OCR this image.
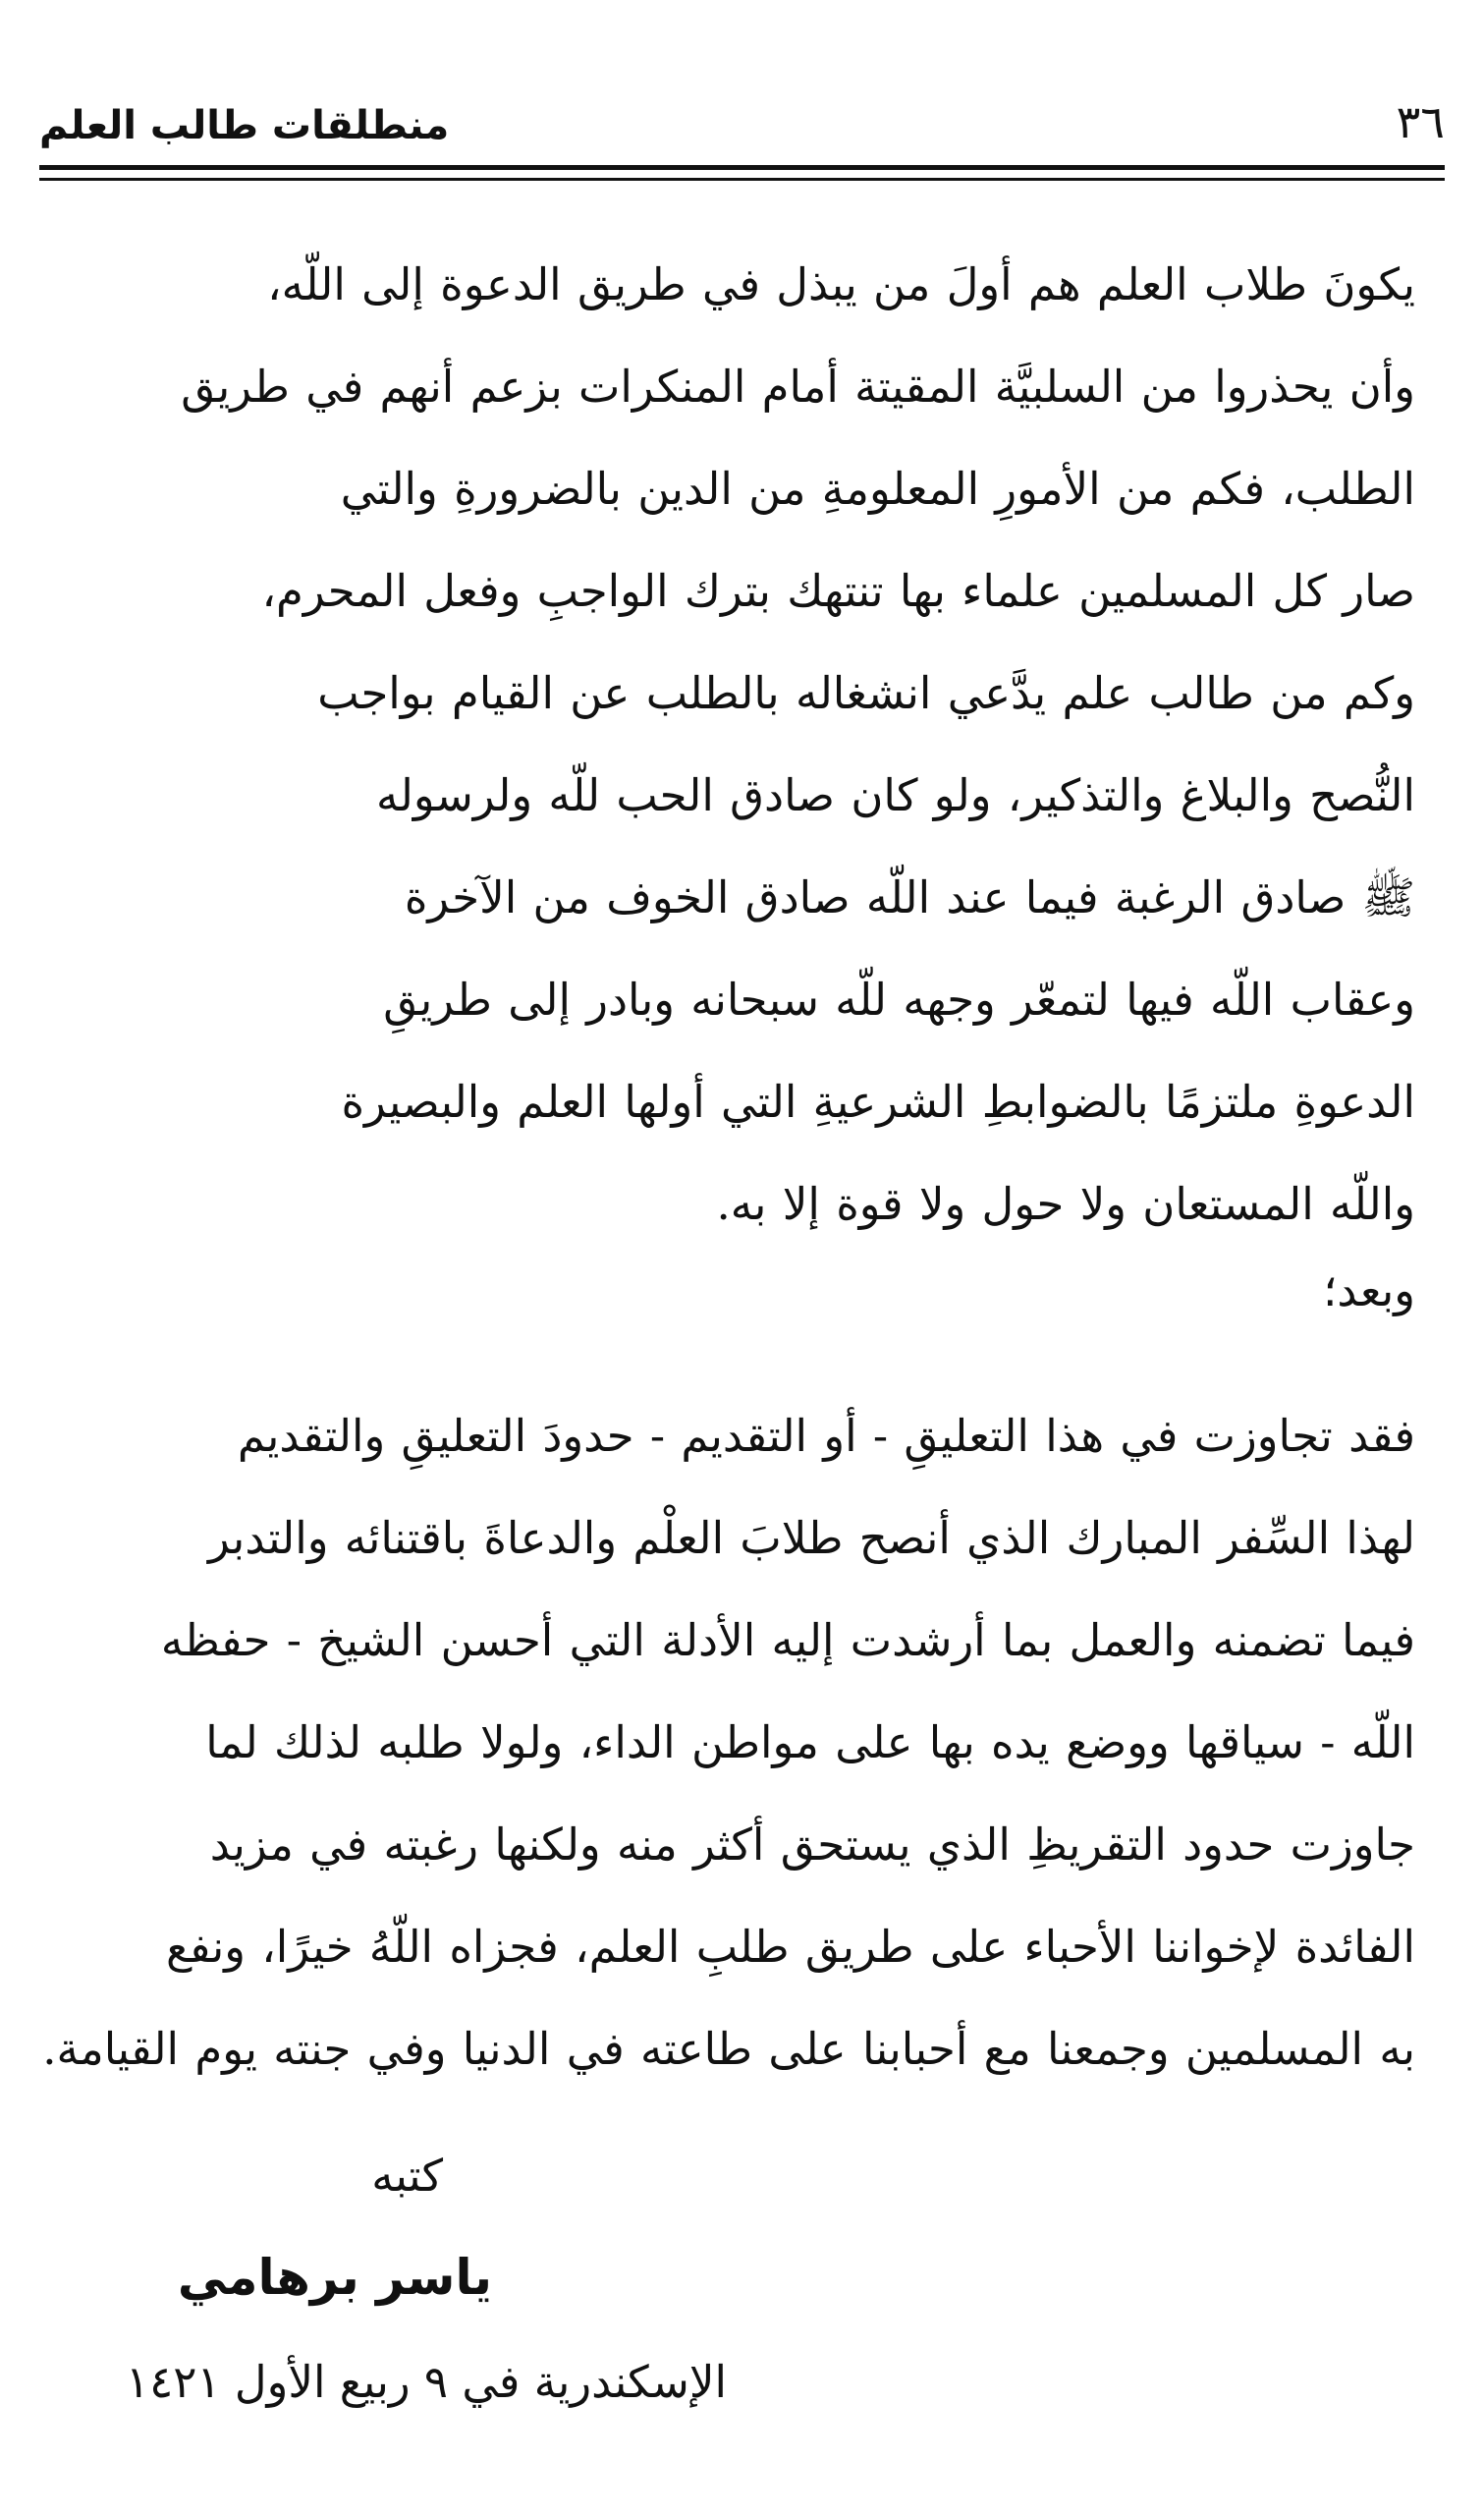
منطلقات طالب العلم	٣٦
يكونَ طلاب العلم هم أولَ من يبذل في طريق الدعوة إلى اللّه،
وأن يحذروا من السلبيَّة المقيتة أمام المنكرات بزعم أنهم في طريق
الطلب، فكم من الأمورِ المعلومةِ من الدين بالضرورةِ والتي
صار كل المسلمين علماء بها تنتهك بترك الواجبِ وفعل المحرم،
وكم من طالب علم يدَّعي انشغاله بالطلب عن القيام بواجب
النُّصح والبلاغ والتذكير، ولو كان صادق الحب للّه ولرسوله
ﷺ صادق الرغبة فيما عند اللّه صادق الخوف من الآخرة
وعقاب اللّه فيها لتمعّر وجهه للّه سبحانه وبادر إلى طريقِ
الدعوةِ ملتزمًا بالضوابطِ الشرعيةِ التي أولها العلم والبصيرة
واللّه المستعان ولا حول ولا قوة إلا به.
وبعد؛
فقد تجاوزت في هذا التعليقِ - أو التقديم - حدودَ التعليقِ والتقديم
لهذا السِّفر المبارك الذي أنصح طلابَ العلْم والدعاةَ باقتنائه والتدبر
فيما تضمنه والعمل بما أرشدت إليه الأدلة التي أحسن الشيخ - حفظه
اللّه - سياقها ووضع يده بها على مواطن الداء، ولولا طلبه لذلك لما
جاوزت حدود التقريظِ الذي يستحق أكثر منه ولكنها رغبته في مزيد
الفائدة لإخواننا الأحباء على طريق طلبِ العلم، فجزاه اللّهُ خيرًا، ونفع
به المسلمين وجمعنا مع أحبابنا على طاعته في الدنيا وفي جنته يوم القيامة.
كتبه
ياسر برهامي
الإسكندرية في ٩ ربيع الأول ١٤٢١
